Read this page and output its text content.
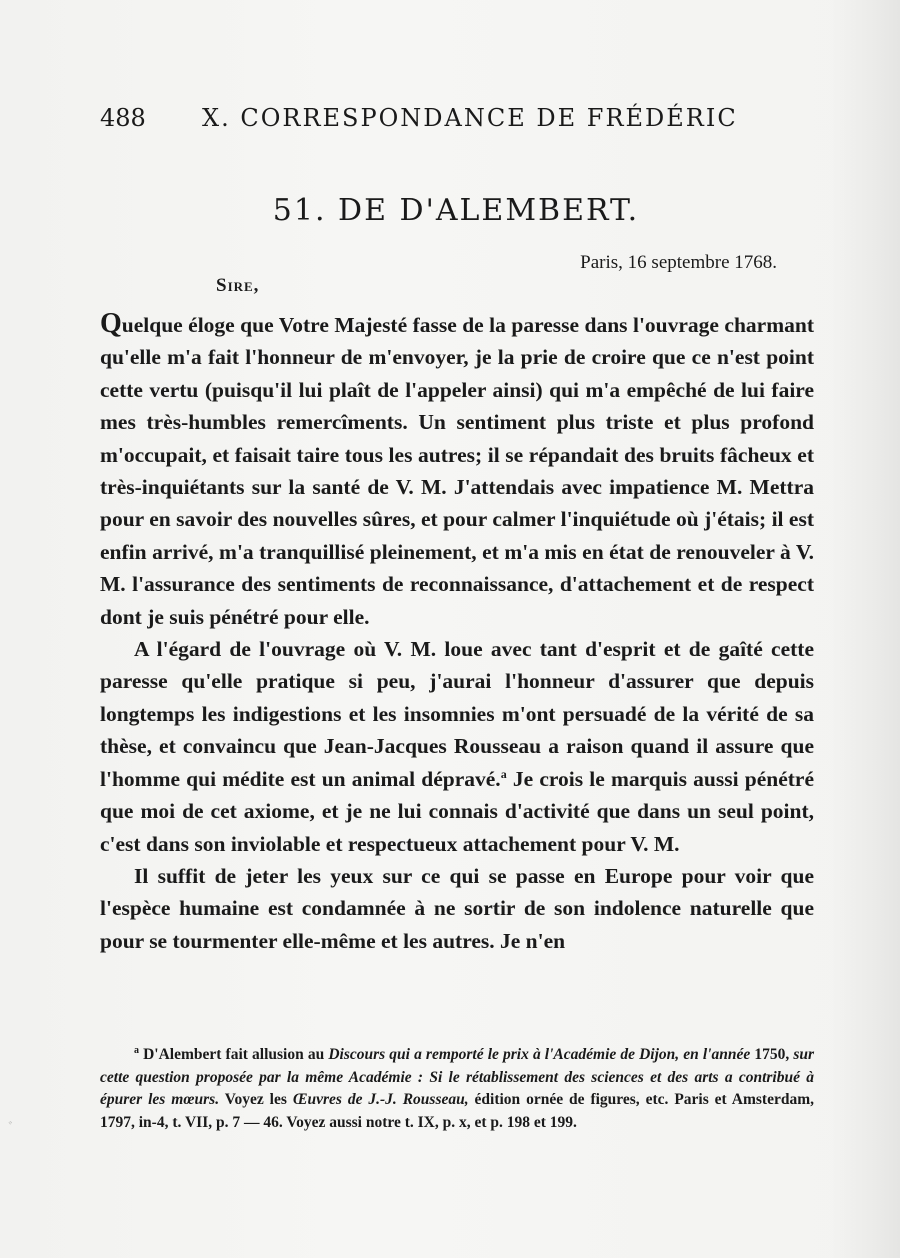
488 X. CORRESPONDANCE DE FRÉDÉRIC
51. DE D'ALEMBERT.
Paris, 16 septembre 1768.
Sire,

Quelque éloge que Votre Majesté fasse de la paresse dans l'ouvrage charmant qu'elle m'a fait l'honneur de m'envoyer, je la prie de croire que ce n'est point cette vertu (puisqu'il lui plaît de l'appeler ainsi) qui m'a empêché de lui faire mes très-humbles remercîments. Un sentiment plus triste et plus profond m'occupait, et faisait taire tous les autres; il se répandait des bruits fâcheux et très-inquiétants sur la santé de V. M. J'attendais avec impatience M. Mettra pour en savoir des nouvelles sûres, et pour calmer l'inquiétude où j'étais; il est enfin arrivé, m'a tranquillisé pleinement, et m'a mis en état de renouveler à V. M. l'assurance des sentiments de reconnaissance, d'attachement et de respect dont je suis pénétré pour elle.

A l'égard de l'ouvrage où V. M. loue avec tant d'esprit et de gaîté cette paresse qu'elle pratique si peu, j'aurai l'honneur d'assurer que depuis longtemps les indigestions et les insomnies m'ont persuadé de la vérité de sa thèse, et convaincu que Jean-Jacques Rousseau a raison quand il assure que l'homme qui médite est un animal dépravé.$^a$ Je crois le marquis aussi pénétré que moi de cet axiome, et je ne lui connais d'activité que dans un seul point, c'est dans son inviolable et respectueux attachement pour V. M.

Il suffit de jeter les yeux sur ce qui se passe en Europe pour voir que l'espèce humaine est condamnée à ne sortir de son indolence naturelle que pour se tourmenter elle-même et les autres. Je n'en

$^a$ D'Alembert fait allusion au Discours qui a remporté le prix à l'Académie de Dijon, en l'année 1750, sur cette question proposée par la même Académie : Si le rétablissement des sciences et des arts a contribué à épurer les mœurs. Voyez les Œuvres de J.-J. Rousseau, édition ornée de figures, etc. Paris et Amsterdam, 1797, in-4, t. VII, p. 7 — 46. Voyez aussi notre t. IX, p. x, et p. 198 et 199.
ﾞ
